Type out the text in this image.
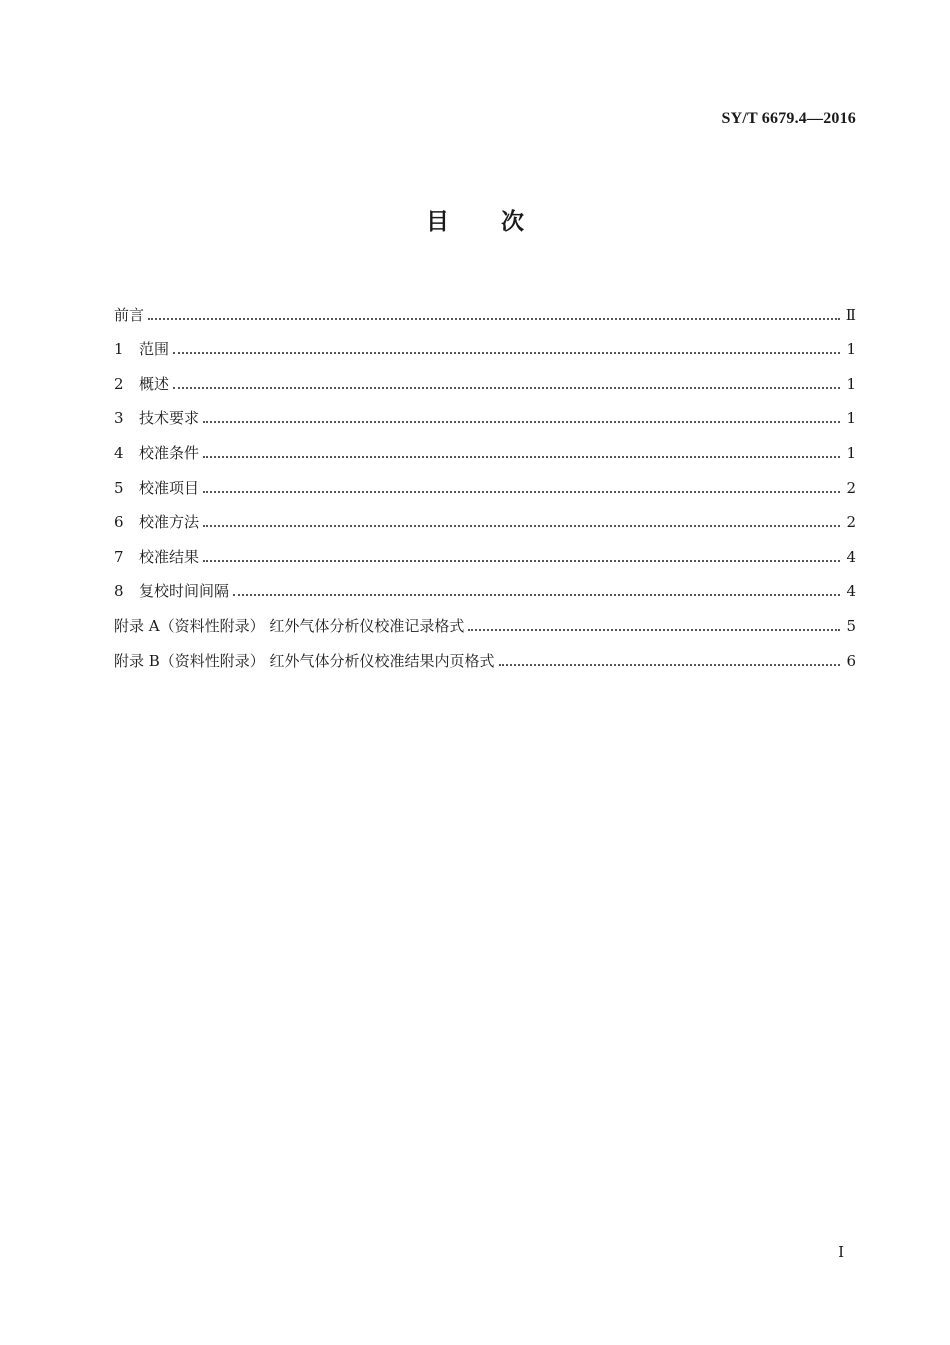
SY/T 6679.4—2016
目次
前言	Ⅱ
1 范围	1
2 概述	1
3 技术要求	1
4 校准条件	1
5 校准项目	2
6 校准方法	2
7 校准结果	4
8 复校时间间隔	4
附录 A（资料性附录） 红外气体分析仪校准记录格式	5
附录 B（资料性附录） 红外气体分析仪校准结果内页格式	6
Ⅰ
